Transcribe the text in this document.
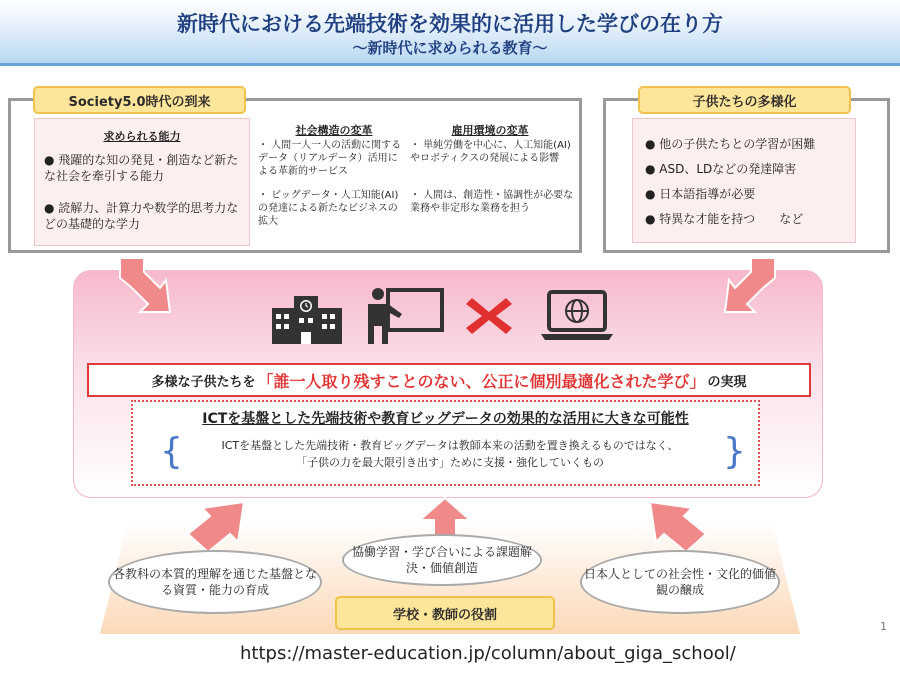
新時代における先端技術を効果的に活用した学びの在り方
～新時代に求められる教育～
Society5.0時代の到来
求められる能力
● 飛躍的な知の発見・創造など新たな社会を牽引する能力
● 読解力、計算力や数学的思考力などの基礎的な学力
社会構造の変革
・ 人間一人一人の活動に関するデータ（リアルデータ）活用による革新的サービス
・ ビッグデータ・人工知能(AI)の発達による新たなビジネスの拡大
雇用環境の変革
・ 単純労働を中心に、人工知能(AI)やロボティクスの発展による影響
・ 人間は、創造性・協調性が必要な業務や非定形な業務を担う
子供たちの多様化
● 他の子供たちとの学習が困難
● ASD、LDなどの発達障害
● 日本語指導が必要
● 特異な才能を持つ　　など
多様な子供たちを 「誰一人取り残すことのない、公正に個別最適化された学び」 の実現
ICTを基盤とした先端技術や教育ビッグデータの効果的な活用に大きな可能性
{	}
ICTを基盤とした先端技術・教育ビッグデータは教師本来の活動を置き換えるものではなく、
「子供の力を最大限引き出す」ために支援・強化していくもの
各教科の本質的理解を通じた基盤となる資質・能力の育成
協働学習・学び合いによる課題解決・価値創造	日本人としての社会性・文化的価値観の醸成
学校・教師の役割
1
https://master-education.jp/column/about_giga_school/
